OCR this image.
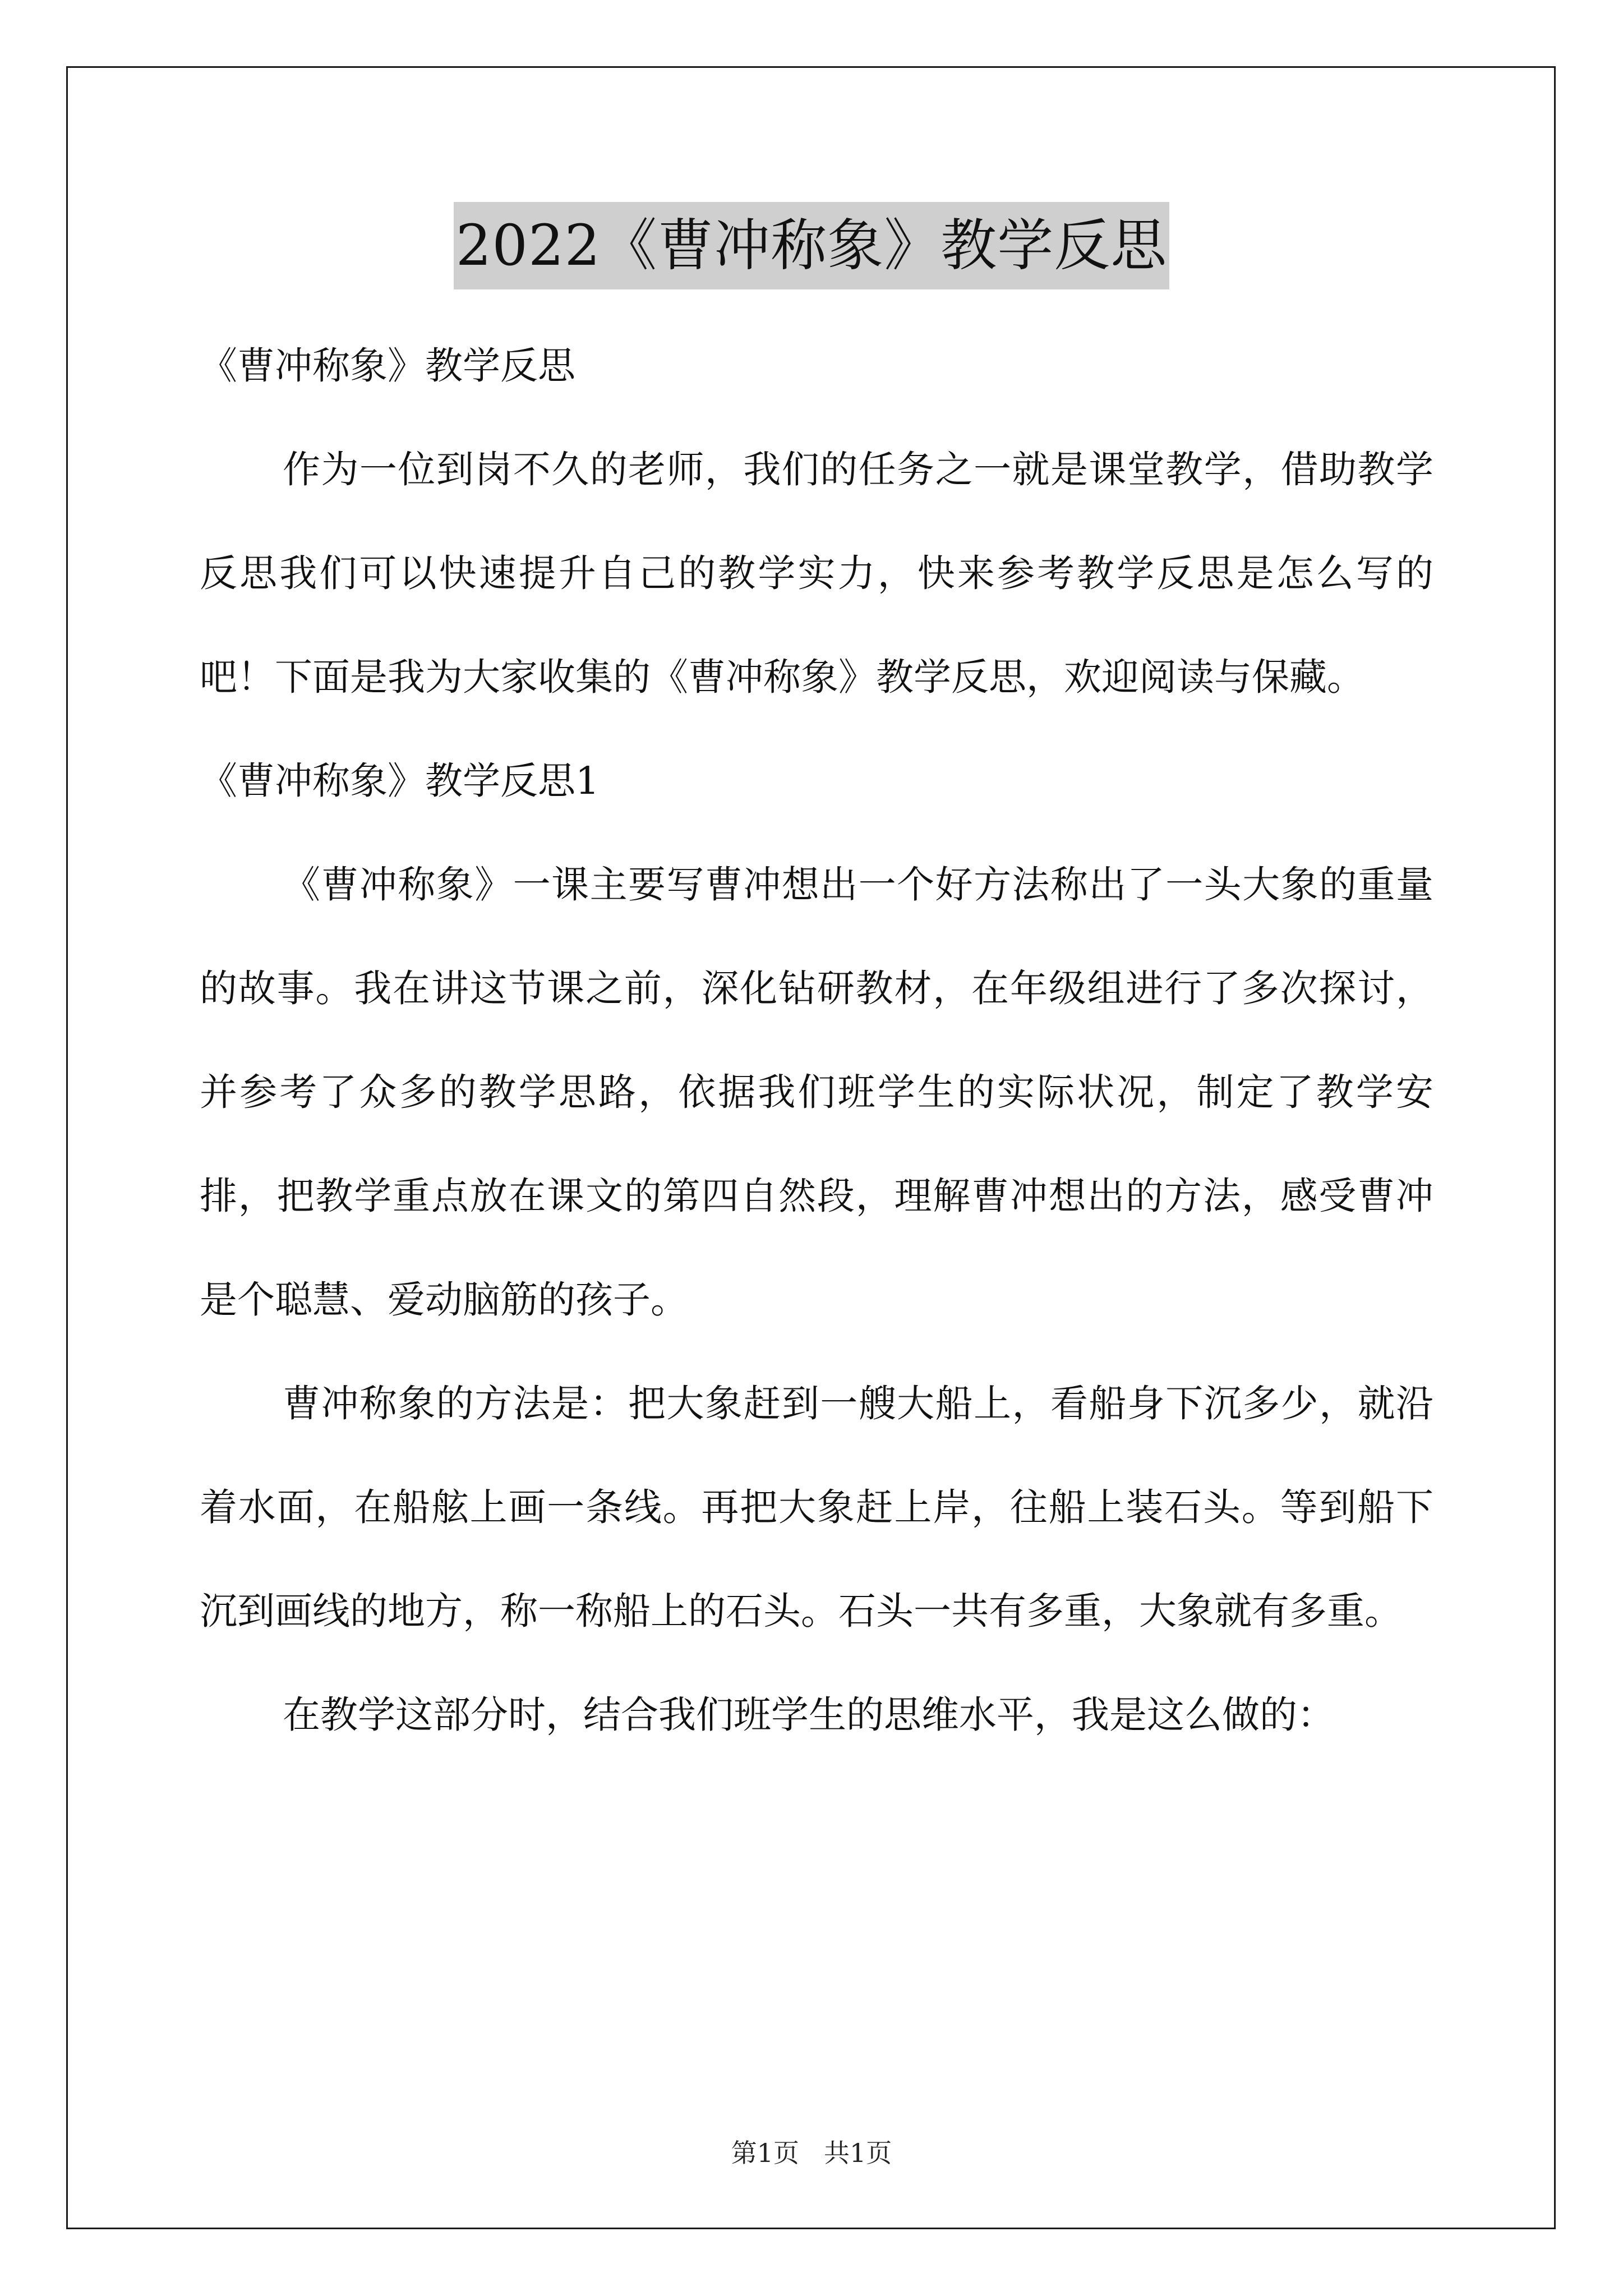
2022《曹冲称象》教学反思

《曹冲称象》教学反思

作为一位到岗不久的老师，我们的任务之一就是课堂教学，借助教学反思我们可以快速提升自己的教学实力，快来参考教学反思是怎么写的吧！下面是我为大家收集的《曹冲称象》教学反思，欢迎阅读与保藏。

《曹冲称象》教学反思1

《曹冲称象》一课主要写曹冲想出一个好方法称出了一头大象的重量的故事。我在讲这节课之前，深化钻研教材，在年级组进行了多次探讨，并参考了众多的教学思路，依据我们班学生的实际状况，制定了教学安排，把教学重点放在课文的第四自然段，理解曹冲想出的方法，感受曹冲是个聪慧、爱动脑筋的孩子。

曹冲称象的方法是：把大象赶到一艘大船上，看船身下沉多少，就沿着水面，在船舷上画一条线。再把大象赶上岸，往船上装石头。等到船下沉到画线的地方，称一称船上的石头。石头一共有多重，大象就有多重。

在教学这部分时，结合我们班学生的思维水平，我是这么做的：

第1页 共1页
